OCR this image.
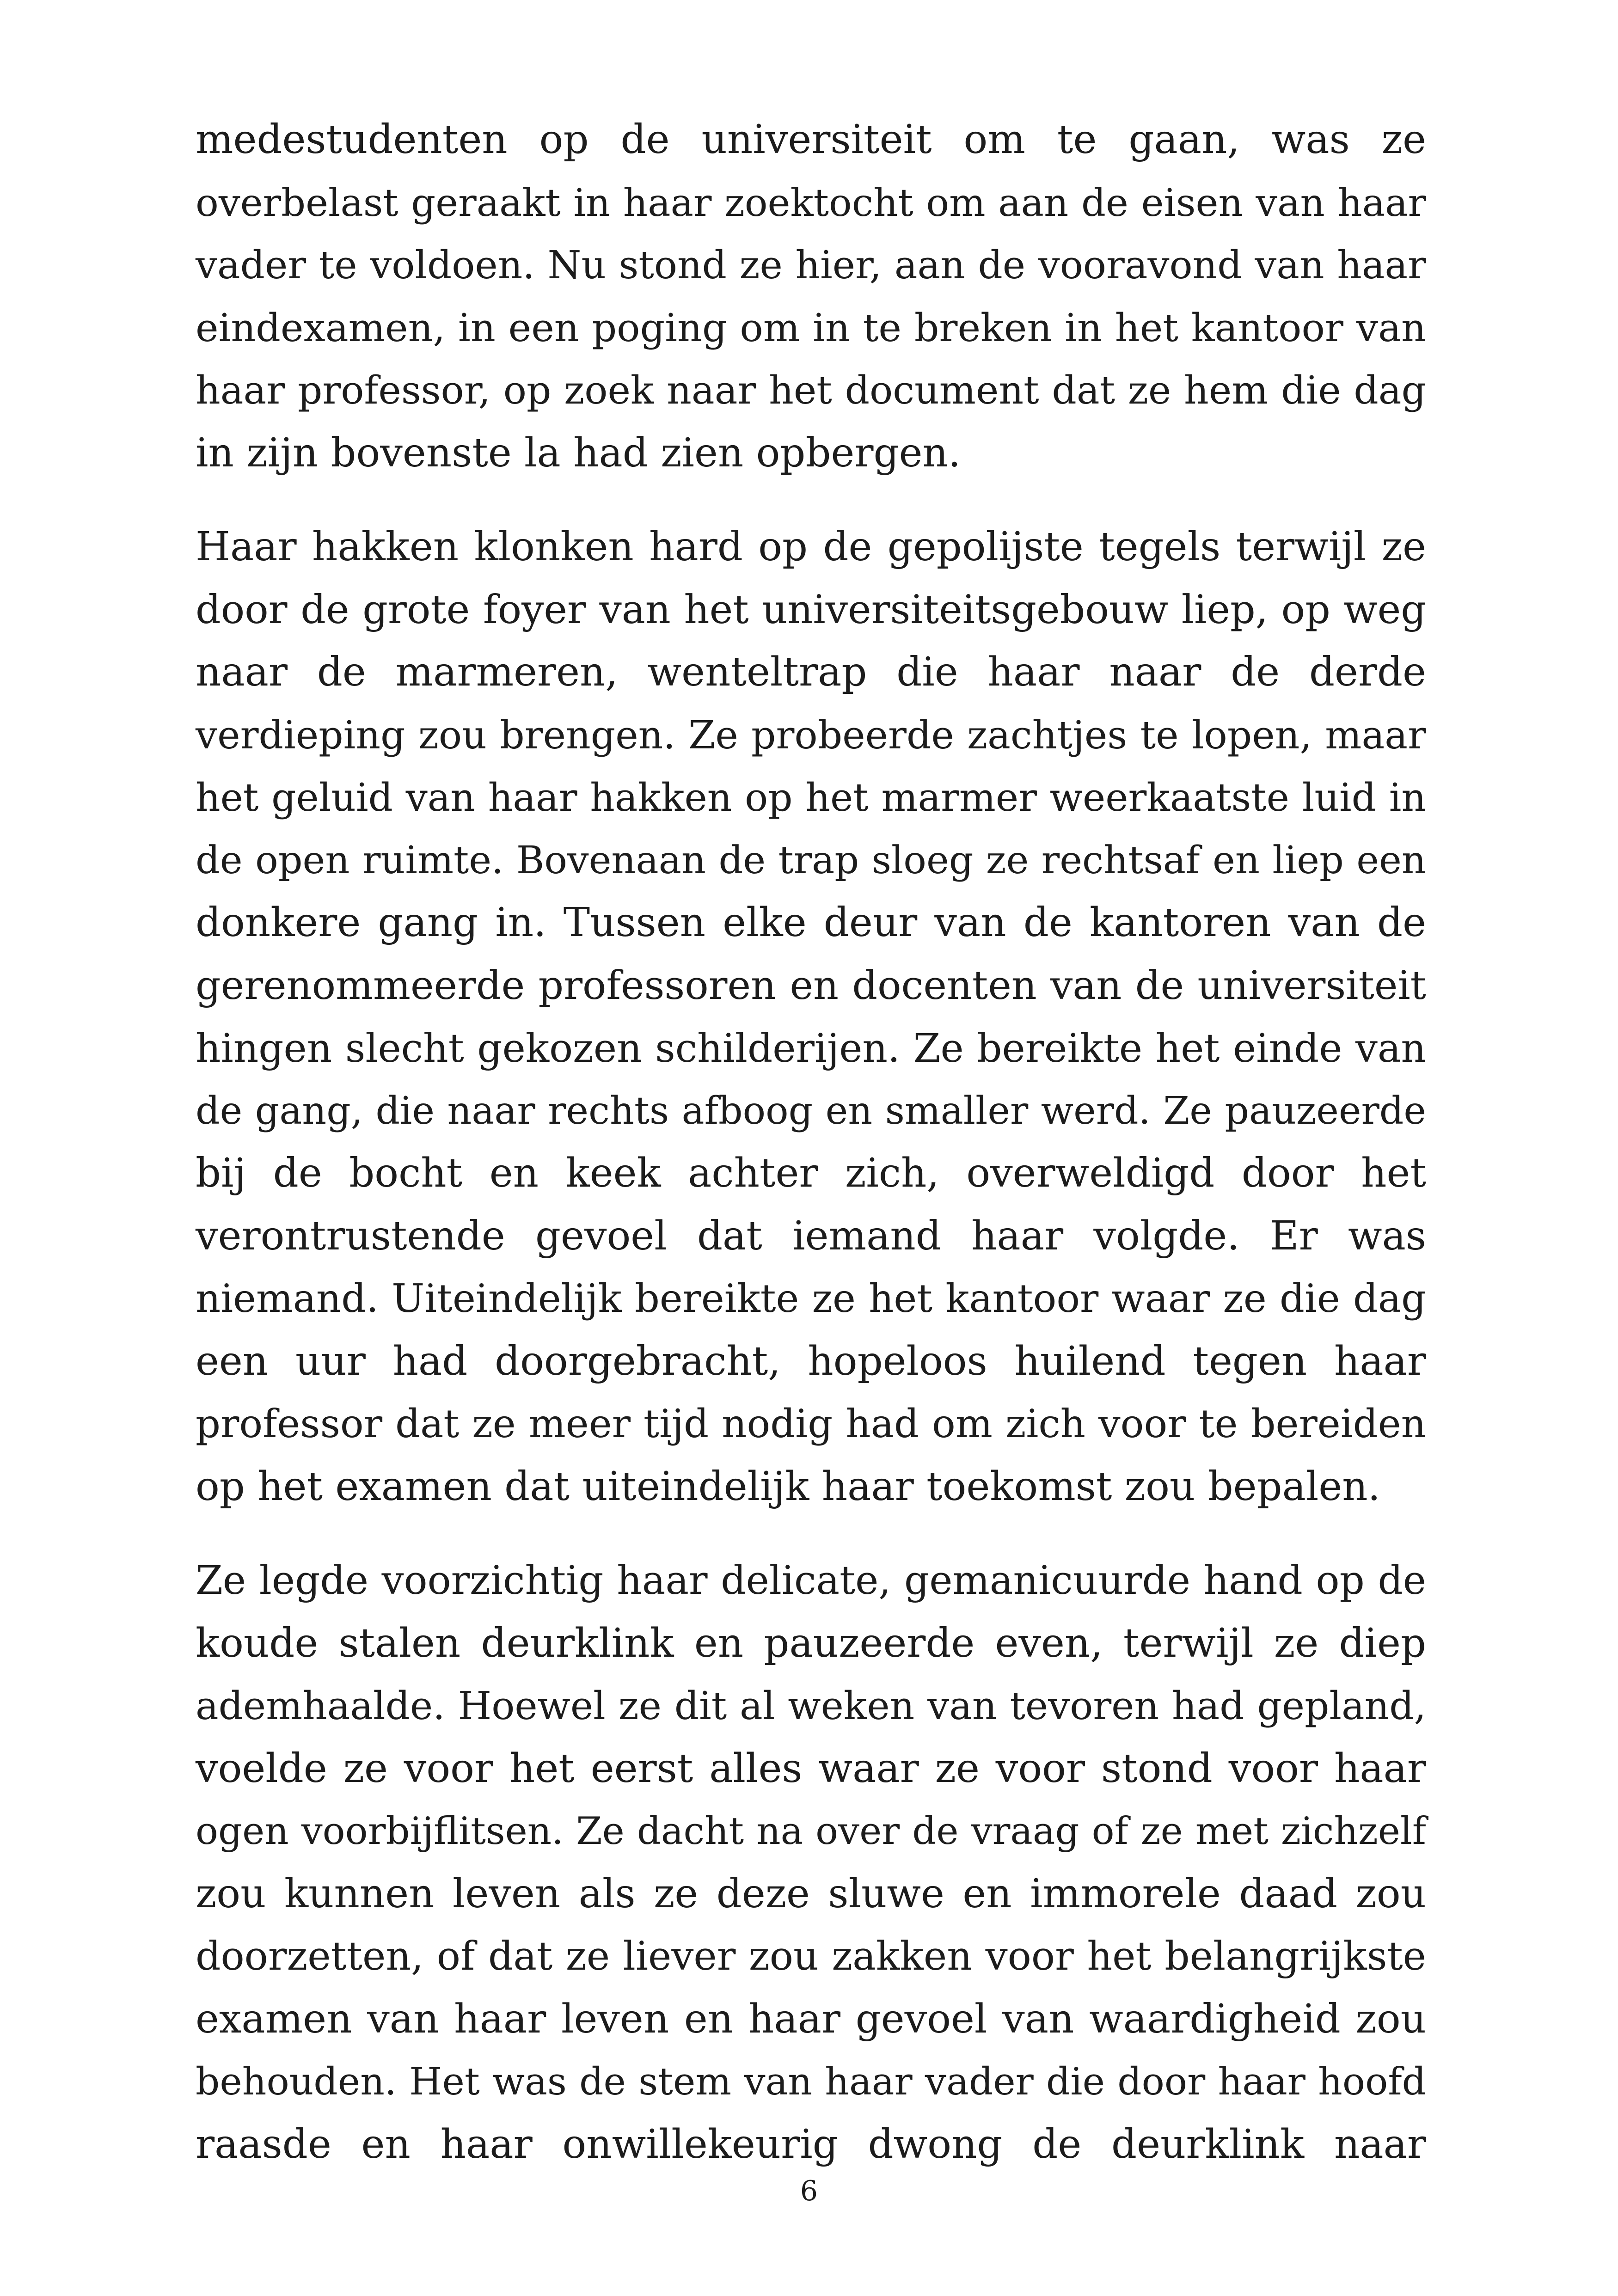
medestudenten op de universiteit om te gaan, was ze
overbelast geraakt in haar zoektocht om aan de eisen van haar
vader te voldoen. Nu stond ze hier, aan de vooravond van haar
eindexamen, in een poging om in te breken in het kantoor van
haar professor, op zoek naar het document dat ze hem die dag
in zijn bovenste la had zien opbergen.
Haar hakken klonken hard op de gepolijste tegels terwijl ze
door de grote foyer van het universiteitsgebouw liep, op weg
naar de marmeren, wenteltrap die haar naar de derde
verdieping zou brengen. Ze probeerde zachtjes te lopen, maar
het geluid van haar hakken op het marmer weerkaatste luid in
de open ruimte. Bovenaan de trap sloeg ze rechtsaf en liep een
donkere gang in. Tussen elke deur van de kantoren van de
gerenommeerde professoren en docenten van de universiteit
hingen slecht gekozen schilderijen. Ze bereikte het einde van
de gang, die naar rechts afboog en smaller werd. Ze pauzeerde
bij de bocht en keek achter zich, overweldigd door het
verontrustende gevoel dat iemand haar volgde. Er was
niemand. Uiteindelijk bereikte ze het kantoor waar ze die dag
een uur had doorgebracht, hopeloos huilend tegen haar
professor dat ze meer tijd nodig had om zich voor te bereiden
op het examen dat uiteindelijk haar toekomst zou bepalen.
Ze legde voorzichtig haar delicate, gemanicuurde hand op de
koude stalen deurklink en pauzeerde even, terwijl ze diep
ademhaalde. Hoewel ze dit al weken van tevoren had gepland,
voelde ze voor het eerst alles waar ze voor stond voor haar
ogen voorbijflitsen. Ze dacht na over de vraag of ze met zichzelf
zou kunnen leven als ze deze sluwe en immorele daad zou
doorzetten, of dat ze liever zou zakken voor het belangrijkste
examen van haar leven en haar gevoel van waardigheid zou
behouden. Het was de stem van haar vader die door haar hoofd
raasde en haar onwillekeurig dwong de deurklink naar
6
